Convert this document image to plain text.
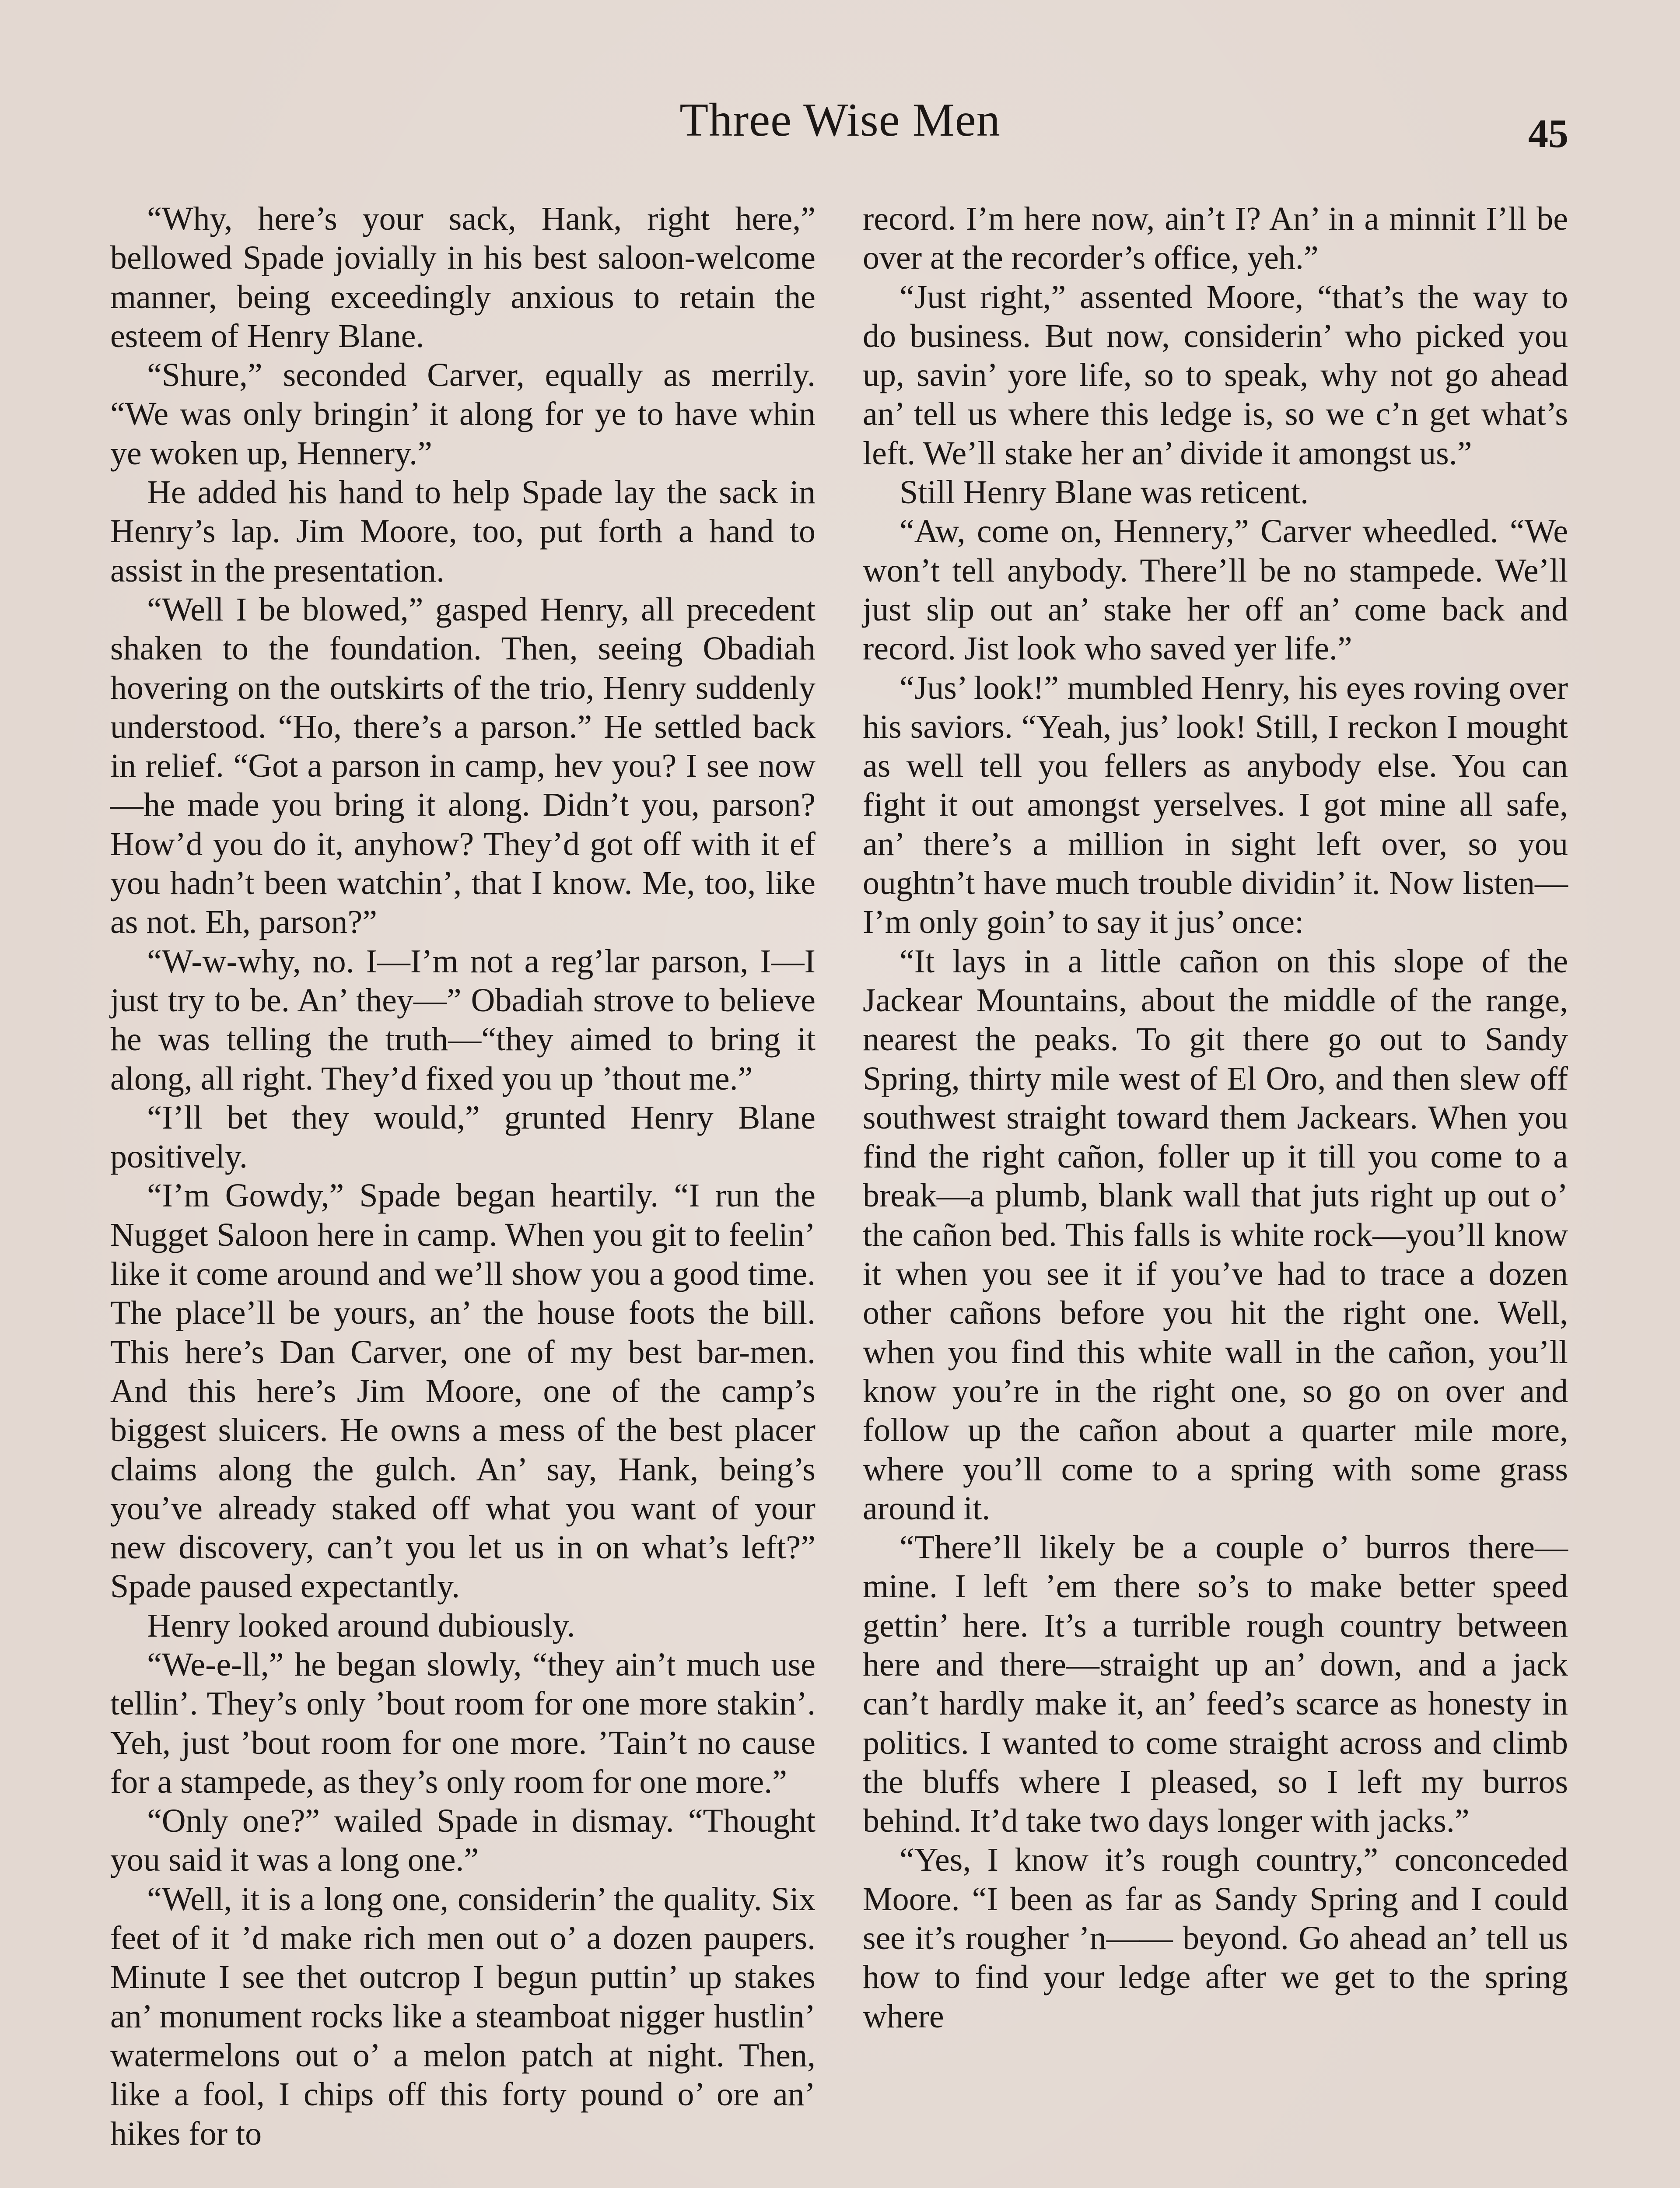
Three Wise Men	45

“Why, here’s your sack, Hank, right here,” bellowed Spade jovially in his best saloon-welcome manner, being exceedingly anxious to retain the esteem of Henry Blane.

“Shure,” seconded Carver, equally as merrily. “We was only bringin’ it along for ye to have whin ye woken up, Hennery.”

He added his hand to help Spade lay the sack in Henry’s lap. Jim Moore, too, put forth a hand to assist in the presentation.

“Well I be blowed,” gasped Henry, all precedent shaken to the foundation. Then, seeing Obadiah hovering on the outskirts of the trio, Henry suddenly understood. “Ho, there’s a parson.” He settled back in relief. “Got a parson in camp, hev you? I see now—he made you bring it along. Didn’t you, parson? How’d you do it, anyhow? They’d got off with it ef you hadn’t been watchin’, that I know. Me, too, like as not. Eh, parson?”

“W-w-why, no. I—I’m not a reg’lar parson, I—I just try to be. An’ they—” Obadiah strove to believe he was telling the truth—“they aimed to bring it along, all right. They’d fixed you up ’thout me.”

“I’ll bet they would,” grunted Henry Blane positively.

“I’m Gowdy,” Spade began heartily. “I run the Nugget Saloon here in camp. When you git to feelin’ like it come around and we’ll show you a good time. The place’ll be yours, an’ the house foots the bill. This here’s Dan Carver, one of my best bar-men. And this here’s Jim Moore, one of the camp’s biggest sluicers. He owns a mess of the best placer claims along the gulch. An’ say, Hank, being’s you’ve already staked off what you want of your new discovery, can’t you let us in on what’s left?” Spade paused expectantly.

Henry looked around dubiously.

“We-e-ll,” he began slowly, “they ain’t much use tellin’. They’s only ’bout room for one more stakin’. Yeh, just ’bout room for one more. ’Tain’t no cause for a stampede, as they’s only room for one more.”

“Only one?” wailed Spade in dismay. “Thought you said it was a long one.”

“Well, it is a long one, considerin’ the quality. Six feet of it ’d make rich men out o’ a dozen paupers. Minute I see thet outcrop I begun puttin’ up stakes an’ monument rocks like a steamboat nigger hustlin’ watermelons out o’ a melon patch at night. Then, like a fool, I chips off this forty pound o’ ore an’ hikes for to

record. I’m here now, ain’t I? An’ in a minnit I’ll be over at the recorder’s office, yeh.”

“Just right,” assented Moore, “that’s the way to do business. But now, considerin’ who picked you up, savin’ yore life, so to speak, why not go ahead an’ tell us where this ledge is, so we c’n get what’s left. We’ll stake her an’ divide it amongst us.”

Still Henry Blane was reticent.

“Aw, come on, Hennery,” Carver wheedled. “We won’t tell anybody. There’ll be no stampede. We’ll just slip out an’ stake her off an’ come back and record. Jist look who saved yer life.”

“Jus’ look!” mumbled Henry, his eyes roving over his saviors. “Yeah, jus’ look! Still, I reckon I mought as well tell you fellers as anybody else. You can fight it out amongst yerselves. I got mine all safe, an’ there’s a million in sight left over, so you oughtn’t have much trouble dividin’ it. Now listen—I’m only goin’ to say it jus’ once:

“It lays in a little cañon on this slope of the Jackear Mountains, about the middle of the range, nearest the peaks. To git there go out to Sandy Spring, thirty mile west of El Oro, and then slew off southwest straight toward them Jackears. When you find the right cañon, foller up it till you come to a break—a plumb, blank wall that juts right up out o’ the cañon bed. This falls is white rock—you’ll know it when you see it if you’ve had to trace a dozen other cañons before you hit the right one. Well, when you find this white wall in the cañon, you’ll know you’re in the right one, so go on over and follow up the cañon about a quarter mile more, where you’ll come to a spring with some grass around it.

“There’ll likely be a couple o’ burros there—mine. I left ’em there so’s to make better speed gettin’ here. It’s a turrible rough country between here and there—straight up an’ down, and a jack can’t hardly make it, an’ feed’s scarce as honesty in politics. I wanted to come straight across and climb the bluffs where I pleased, so I left my burros behind. It’d take two days longer with jacks.”

“Yes, I know it’s rough country,” conconceded Moore. “I been as far as Sandy Spring and I could see it’s rougher ’n—— beyond. Go ahead an’ tell us how to find your ledge after we get to the spring where
